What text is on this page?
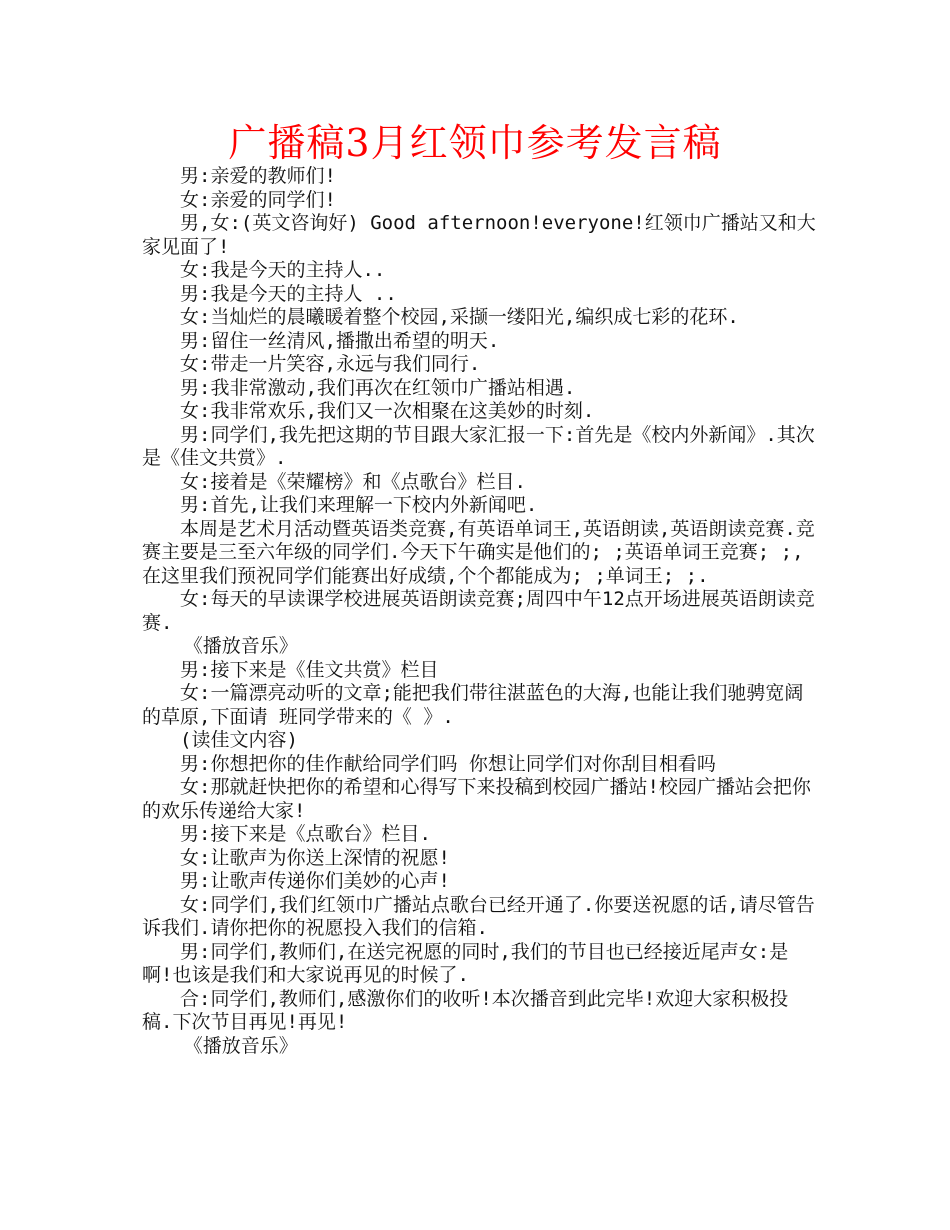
广播稿3月红领巾参考发言稿

男:亲爱的教师们!

女:亲爱的同学们!

男,女:(英文咨询好) Good afternoon!everyone!红领巾广播站又和大家见面了!

女:我是今天的主持人..

男:我是今天的主持人 ..

女:当灿烂的晨曦暖着整个校园,采撷一缕阳光,编织成七彩的花环.

男:留住一丝清风,播撒出希望的明天.

女:带走一片笑容,永远与我们同行.

男:我非常激动,我们再次在红领巾广播站相遇.

女:我非常欢乐,我们又一次相聚在这美妙的时刻.

男:同学们,我先把这期的节目跟大家汇报一下:首先是《校内外新闻》.其次是《佳文共赏》.

女:接着是《荣耀榜》和《点歌台》栏目.

男:首先,让我们来理解一下校内外新闻吧.

本周是艺术月活动暨英语类竞赛,有英语单词王,英语朗读,英语朗读竞赛.竞赛主要是三至六年级的同学们.今天下午确实是他们的; ;英语单词王竞赛; ;,在这里我们预祝同学们能赛出好成绩,个个都能成为; ;单词王; ;.

女:每天的早读课学校进展英语朗读竞赛;周四中午12点开场进展英语朗读竞赛.

《播放音乐》

男:接下来是《佳文共赏》栏目

女:一篇漂亮动听的文章;能把我们带往湛蓝色的大海,也能让我们驰骋宽阔的草原,下面请 班同学带来的《 》.

(读佳文内容)

男:你想把你的佳作献给同学们吗 你想让同学们对你刮目相看吗

女:那就赶快把你的希望和心得写下来投稿到校园广播站!校园广播站会把你的欢乐传递给大家!

男:接下来是《点歌台》栏目.

女:让歌声为你送上深情的祝愿!

男:让歌声传递你们美妙的心声!

女:同学们,我们红领巾广播站点歌台已经开通了.你要送祝愿的话,请尽管告诉我们.请你把你的祝愿投入我们的信箱.

男:同学们,教师们,在送完祝愿的同时,我们的节目也已经接近尾声女:是啊!也该是我们和大家说再见的时候了.

合:同学们,教师们,感激你们的收听!本次播音到此完毕!欢迎大家积极投稿.下次节目再见!再见!

《播放音乐》
